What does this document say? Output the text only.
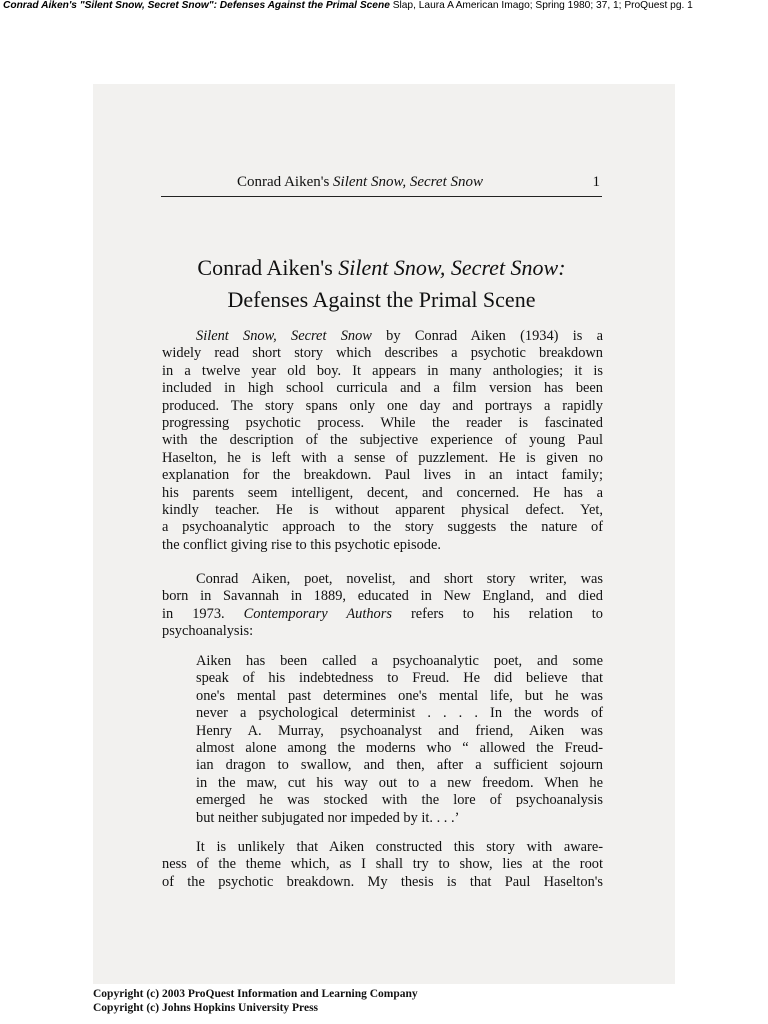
Conrad Aiken's "Silent Snow, Secret Snow": Defenses Against the Primal Scene Slap, Laura A American Imago; Spring 1980; 37, 1; ProQuest pg. 1
Conrad Aiken's Silent Snow, Secret Snow	1
Conrad Aiken's Silent Snow, Secret Snow:
Defenses Against the Primal Scene
Silent Snow, Secret Snow by Conrad Aiken (1934) is a
widely read short story which describes a psychotic breakdown
in a twelve year old boy. It appears in many anthologies; it is
included in high school curricula and a film version has been
produced. The story spans only one day and portrays a rapidly
progressing psychotic process. While the reader is fascinated
with the description of the subjective experience of young Paul
Haselton, he is left with a sense of puzzlement. He is given no
explanation for the breakdown. Paul lives in an intact family;
his parents seem intelligent, decent, and concerned. He has a
kindly teacher. He is without apparent physical defect. Yet,
a psychoanalytic approach to the story suggests the nature of
the conflict giving rise to this psychotic episode.
Conrad Aiken, poet, novelist, and short story writer, was
born in Savannah in 1889, educated in New England, and died
in 1973. Contemporary Authors refers to his relation to
psychoanalysis:
Aiken has been called a psychoanalytic poet, and some
speak of his indebtedness to Freud. He did believe that
one's mental past determines one's mental life, but he was
never a psychological determinist . . . . In the words of
Henry A. Murray, psychoanalyst and friend, Aiken was
almost alone among the moderns who “ allowed the Freud-
ian dragon to swallow, and then, after a sufficient sojourn
in the maw, cut his way out to a new freedom. When he
emerged he was stocked with the lore of psychoanalysis
but neither subjugated nor impeded by it. . . .’
It is unlikely that Aiken constructed this story with aware-
ness of the theme which, as I shall try to show, lies at the root
of the psychotic breakdown. My thesis is that Paul Haselton's
Copyright (c) 2003 ProQuest Information and Learning Company
Copyright (c) Johns Hopkins University Press
